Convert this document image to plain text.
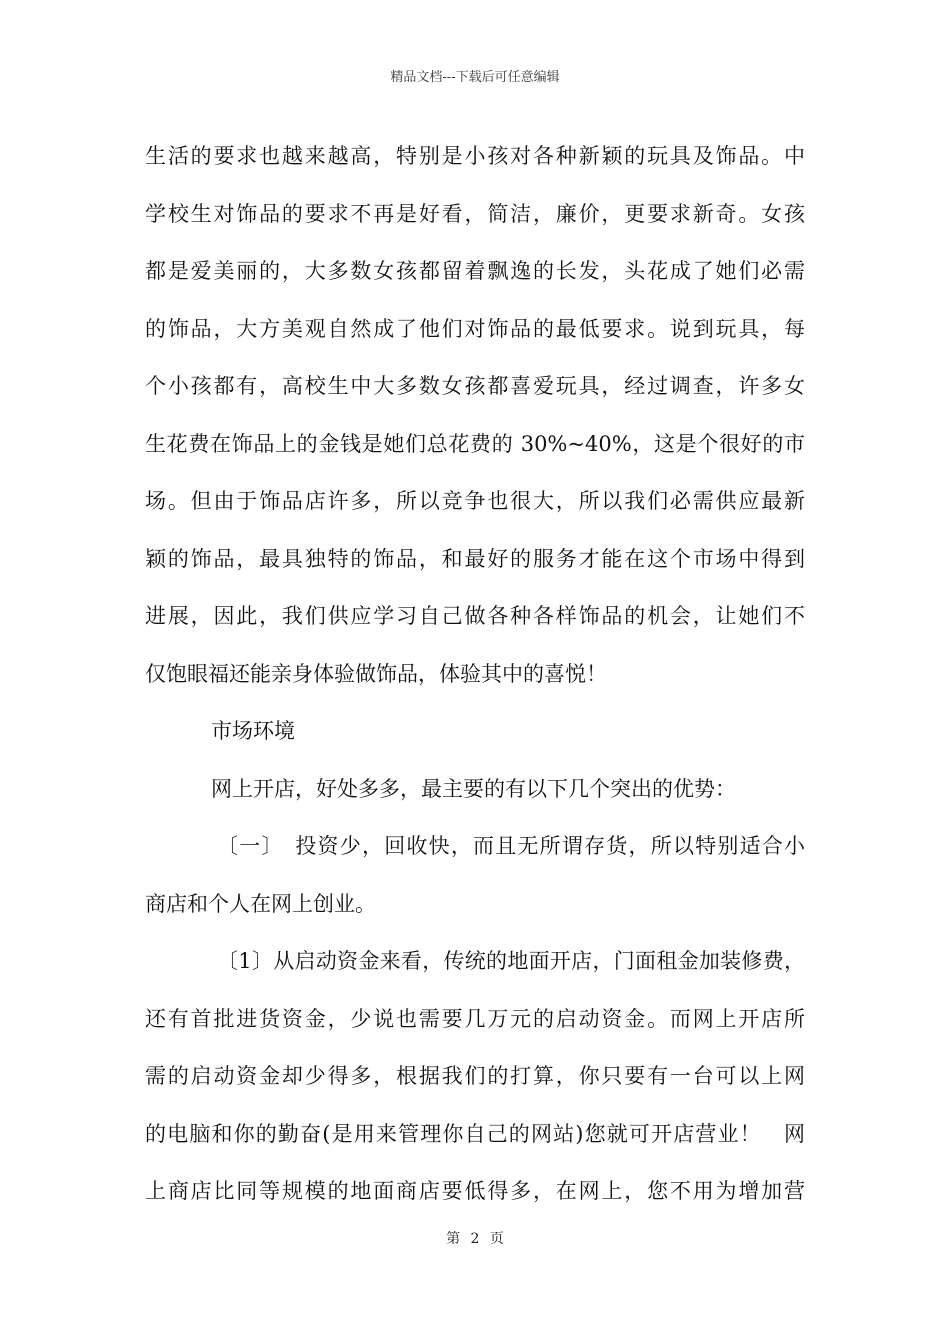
精品文档---下载后可任意编辑
生活的要求也越来越高，特别是小孩对各种新颖的玩具及饰品。中
学校生对饰品的要求不再是好看，简洁，廉价，更要求新奇。女孩
都是爱美丽的，大多数女孩都留着飘逸的长发，头花成了她们必需
的饰品，大方美观自然成了他们对饰品的最低要求。说到玩具，每
个小孩都有，高校生中大多数女孩都喜爱玩具，经过调查，许多女
生花费在饰品上的金钱是她们总花费的 30%~40%，这是个很好的市
场。但由于饰品店许多，所以竞争也很大，所以我们必需供应最新
颖的饰品，最具独特的饰品，和最好的服务才能在这个市场中得到
进展，因此，我们供应学习自己做各种各样饰品的机会，让她们不
仅饱眼福还能亲身体验做饰品，体验其中的喜悦！
市场环境
网上开店，好处多多，最主要的有以下几个突出的优势：
〔一〕　投资少，回收快，而且无所谓存货，所以特别适合小
商店和个人在网上创业。
〔1〕从启动资金来看，传统的地面开店，门面租金加装修费，
还有首批进货资金，少说也需要几万元的启动资金。而网上开店所
需的启动资金却少得多，根据我们的打算，你只要有一台可以上网
的电脑和你的勤奋(是用来管理你自己的网站)您就可开店营业！　网
上商店比同等规模的地面商店要低得多，在网上，您不用为增加营
第 2 页
